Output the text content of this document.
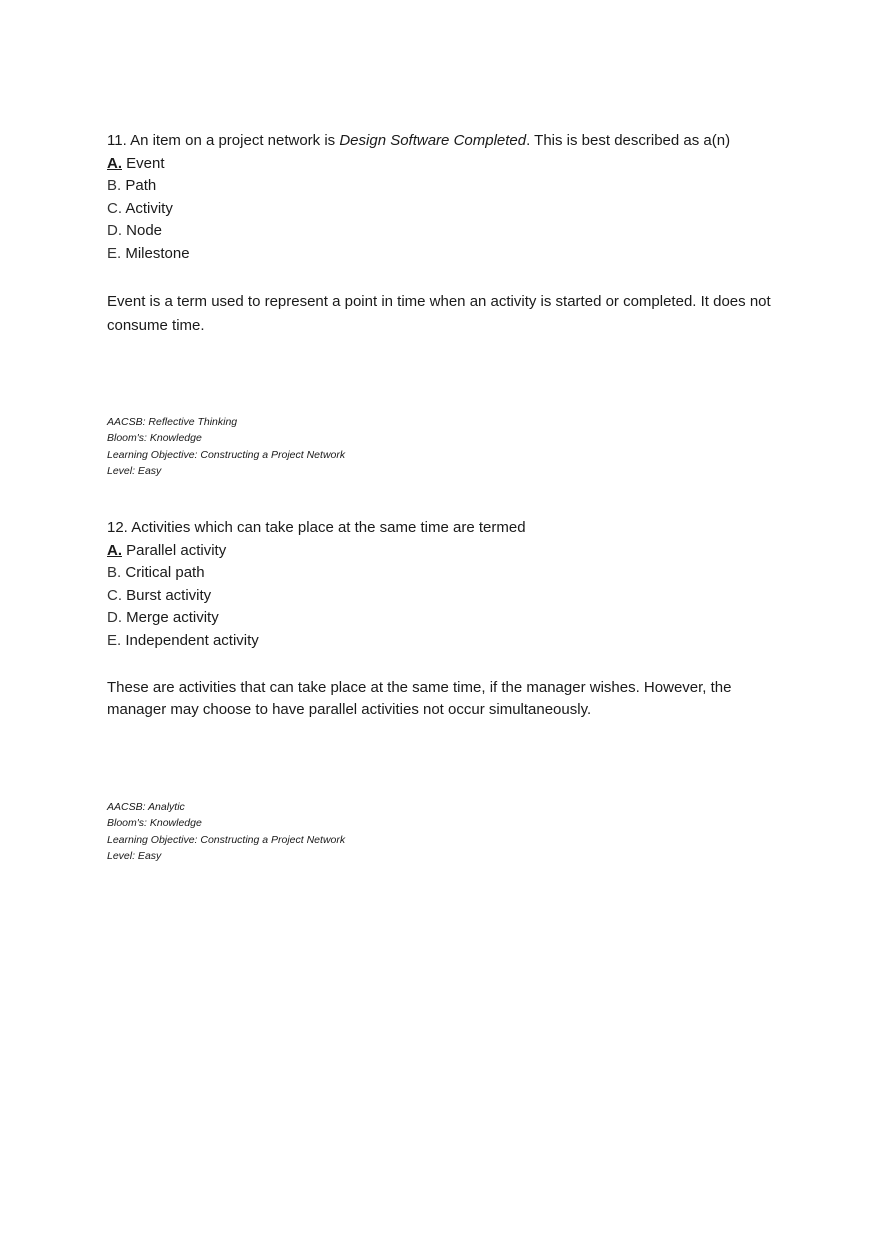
11. An item on a project network is Design Software Completed. This is best described as a(n)

A. Event

B. Path

C. Activity

D. Node

E. Milestone

Event is a term used to represent a point in time when an activity is started or completed. It does not consume time.

AACSB: Reflective Thinking
Bloom's: Knowledge
Learning Objective: Constructing a Project Network
Level: Easy

12. Activities which can take place at the same time are termed

A. Parallel activity

B. Critical path

C. Burst activity

D. Merge activity

E. Independent activity

These are activities that can take place at the same time, if the manager wishes. However, the manager may choose to have parallel activities not occur simultaneously.

AACSB: Analytic
Bloom's: Knowledge
Learning Objective: Constructing a Project Network
Level: Easy
